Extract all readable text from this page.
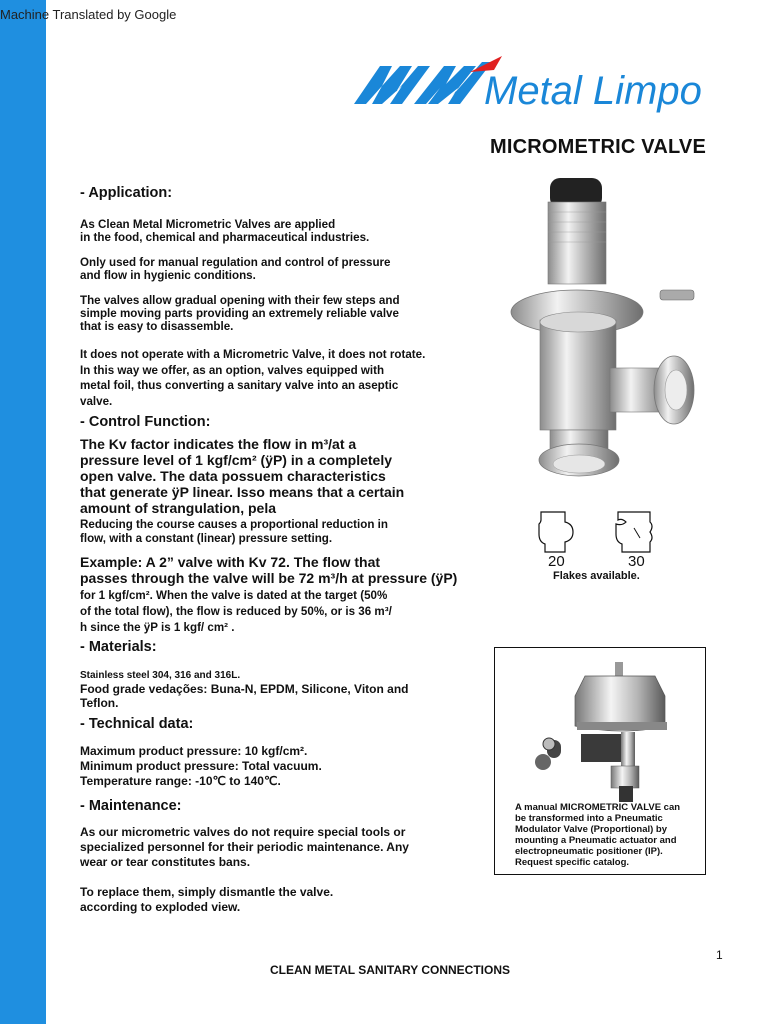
Machine Translated by Google
Metal Limpo
MICROMETRIC VALVE
- Application:
As Clean Metal Micrometric Valves are applied
in the food, chemical and pharmaceutical industries.
Only used for manual regulation and control of pressure
and flow in hygienic conditions.
The valves allow gradual opening with their few steps and
simple moving parts providing an extremely reliable valve
that is easy to disassemble.
It does not operate with a Micrometric Valve, it does not rotate.
In this way we offer, as an option, valves equipped with
metal foil, thus converting a sanitary valve into an aseptic
valve.
- Control Function:
The Kv factor indicates the flow in m³/at a
pressure level of 1 kgf/cm² (ÿP) in a completely
open valve. The data possuem characteristics
that generate ÿP linear. Isso means that a certain
amount of strangulation, pela
Reducing the course causes a proportional reduction in
flow, with a constant (linear) pressure setting.
Example: A 2” valve with Kv 72. The flow that
passes through the valve will be 72 m³/h at pressure (ÿP)
for 1 kgf/cm². When the valve is dated at the target (50%
of the total flow), the flow is reduced by 50%, or is 36 m³/
h since the ÿP is 1 kgf/ cm² .
- Materials:
Stainless steel 304, 316 and 316L.
Food grade vedações: Buna-N, EPDM, Silicone, Viton and
Teflon.
- Technical data:
Maximum product pressure: 10 kgf/cm².
Minimum product pressure: Total vacuum.
Temperature range: -10℃ to 140℃.
- Maintenance:
As our micrometric valves do not require special tools or
specialized personnel for their periodic maintenance. Any
wear or tear constitutes bans.
To replace them, simply dismantle the valve.
according to exploded view.
20	30
Flakes available.
A manual MICROMETRIC VALVE can
be transformed into a Pneumatic
Modulator Valve (Proportional) by
mounting a Pneumatic actuator and
electropneumatic positioner (IP).
Request specific catalog.
1
CLEAN METAL SANITARY CONNECTIONS
